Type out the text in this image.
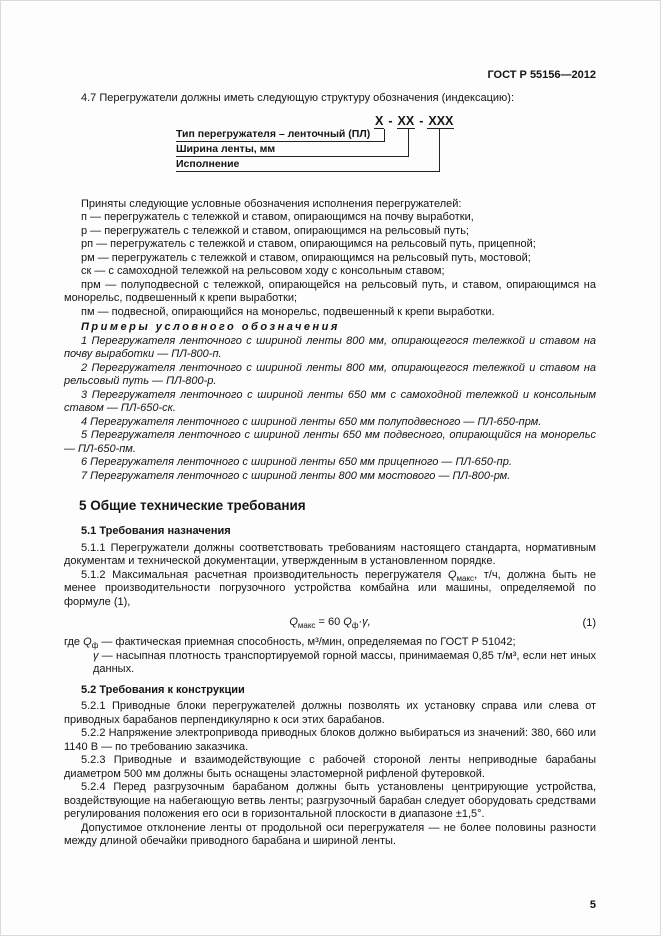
ГОСТ Р 55156—2012

4.7 Перегружатели должны иметь следующую структуру обозначения (индексацию):

Х - ХХ - ХХХ
Тип перегружателя – ленточный (ПЛ)
Ширина ленты, мм
Исполнение

Приняты следующие условные обозначения исполнения перегружателей:

п — перегружатель с тележкой и ставом, опирающимся на почву выработки,

р — перегружатель с тележкой и ставом, опирающимся на рельсовый путь;

рп — перегружатель с тележкой и ставом, опирающимся на рельсовый путь, прицепной;

рм — перегружатель с тележкой и ставом, опирающимся на рельсовый путь, мостовой;

ск — с самоходной тележкой на рельсовом ходу с консольным ставом;

прм — полуподвесной с тележкой, опирающейся на рельсовый путь, и ставом, опирающимся на монорельс, подвешенный к крепи выработки;

пм — подвесной, опирающийся на монорельс, подвешенный к крепи выработки.

Примеры условного обозначения

1 Перегружателя ленточного с шириной ленты 800 мм, опирающегося тележкой и ставом на почву выработки — ПЛ-800-п.

2 Перегружателя ленточного с шириной ленты 800 мм, опирающегося тележкой и ставом на рельсовый путь — ПЛ-800-р.

3 Перегружателя ленточного с шириной ленты 650 мм с самоходной тележкой и консольным ставом — ПЛ-650-ск.

4 Перегружателя ленточного с шириной ленты 650 мм полуподвесного — ПЛ-650-прм.

5 Перегружателя ленточного с шириной ленты 650 мм подвесного, опирающийся на монорельс — ПЛ-650-пм.

6 Перегружателя ленточного с шириной ленты 650 мм прицепного — ПЛ-650-пр.

7 Перегружателя ленточного с шириной ленты 800 мм мостового — ПЛ-800-рм.

5 Общие технические требования
5.1 Требования назначения

5.1.1 Перегружатели должны соответствовать требованиям настоящего стандарта, нормативным документам и технической документации, утвержденным в установленном порядке.

5.1.2 Максимальная расчетная производительность перегружателя $Q_{макс}$, т/ч, должна быть не менее производительности погрузочного устройства комбайна или машины, определяемой по формуле (1),

$Q_{макс} = 60$ $Q_ф\cdot\gamma$,	(1)

где $Q_ф$ — фактическая приемная способность, м³/мин, определяемая по ГОСТ Р 51042;

γ — насыпная плотность транспортируемой горной массы, принимаемая 0,85 т/м³, если нет иных данных.

5.2 Требования к конструкции

5.2.1 Приводные блоки перегружателей должны позволять их установку справа или слева от приводных барабанов перпендикулярно к оси этих барабанов.

5.2.2 Напряжение электропривода приводных блоков должно выбираться из значений: 380, 660 или 1140 В — по требованию заказчика.

5.2.3 Приводные и взаимодействующие с рабочей стороной ленты неприводные барабаны диаметром 500 мм должны быть оснащены эластомерной рифленой футеровкой.

5.2.4 Перед разгрузочным барабаном должны быть установлены центрирующие устройства, воздействующие на набегающую ветвь ленты; разгрузочный барабан следует оборудовать средствами регулирования положения его оси в горизонтальной плоскости в диапазоне ±1,5°.

Допустимое отклонение ленты от продольной оси перегружателя — не более половины разности между длиной обечайки приводного барабана и шириной ленты.

5
